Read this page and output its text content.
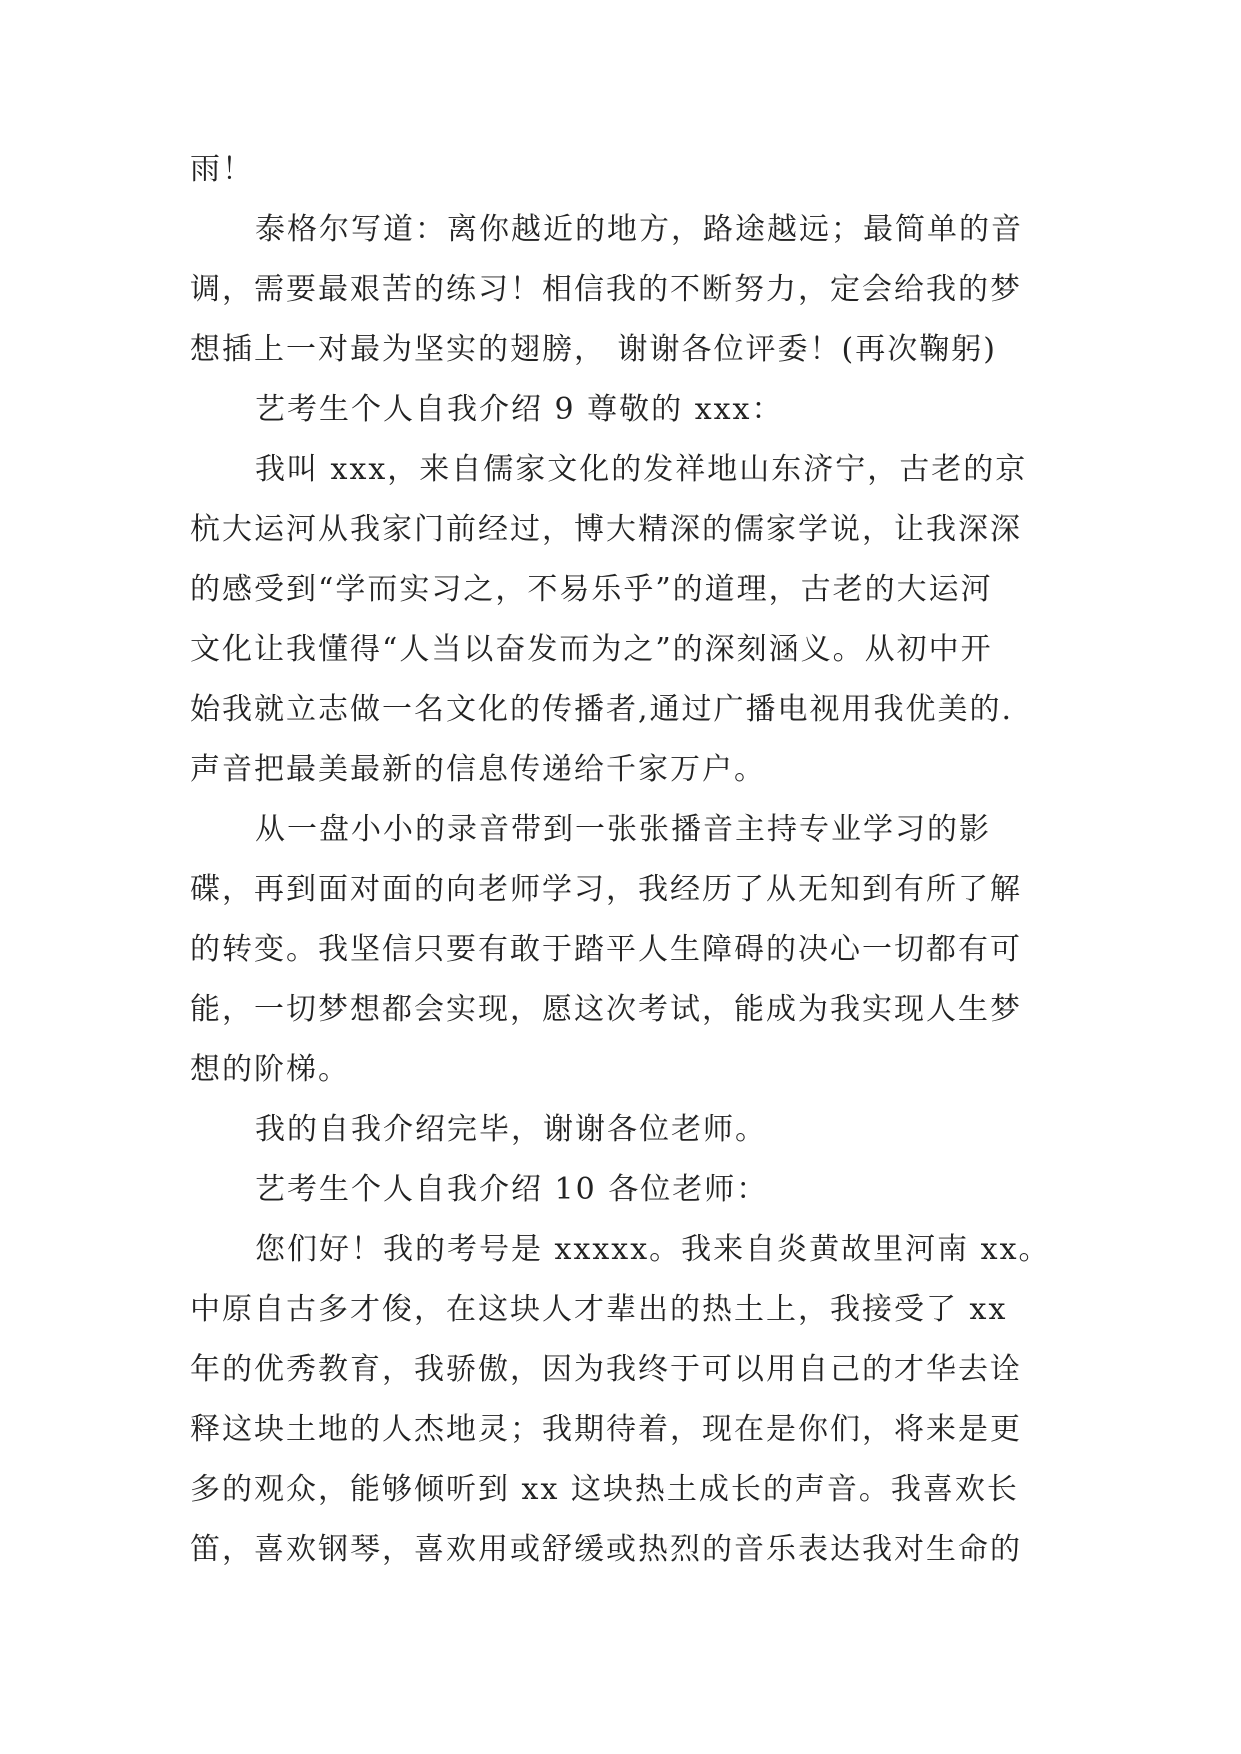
雨！
泰格尔写道：离你越近的地方，路途越远；最简单的音
调，需要最艰苦的练习！相信我的不断努力，定会给我的梦
想插上一对最为坚实的翅膀， 谢谢各位评委！(再次鞠躬)
艺考生个人自我介绍 9 尊敬的 xxx：
我叫 xxx，来自儒家文化的发祥地山东济宁，古老的京
杭大运河从我家门前经过，博大精深的儒家学说，让我深深
的感受到“学而实习之，不易乐乎”的道理，古老的大运河
文化让我懂得“人当以奋发而为之”的深刻涵义。从初中开
始我就立志做一名文化的传播者,通过广播电视用我优美的.
声音把最美最新的信息传递给千家万户。
从一盘小小的录音带到一张张播音主持专业学习的影
碟，再到面对面的向老师学习，我经历了从无知到有所了解
的转变。我坚信只要有敢于踏平人生障碍的决心一切都有可
能，一切梦想都会实现，愿这次考试，能成为我实现人生梦
想的阶梯。
我的自我介绍完毕，谢谢各位老师。
艺考生个人自我介绍 10 各位老师：
您们好！我的考号是 xxxxx。我来自炎黄故里河南 xx。
中原自古多才俊，在这块人才辈出的热土上，我接受了 xx
年的优秀教育，我骄傲，因为我终于可以用自己的才华去诠
释这块土地的人杰地灵；我期待着，现在是你们，将来是更
多的观众，能够倾听到 xx 这块热土成长的声音。我喜欢长
笛，喜欢钢琴，喜欢用或舒缓或热烈的音乐表达我对生命的
